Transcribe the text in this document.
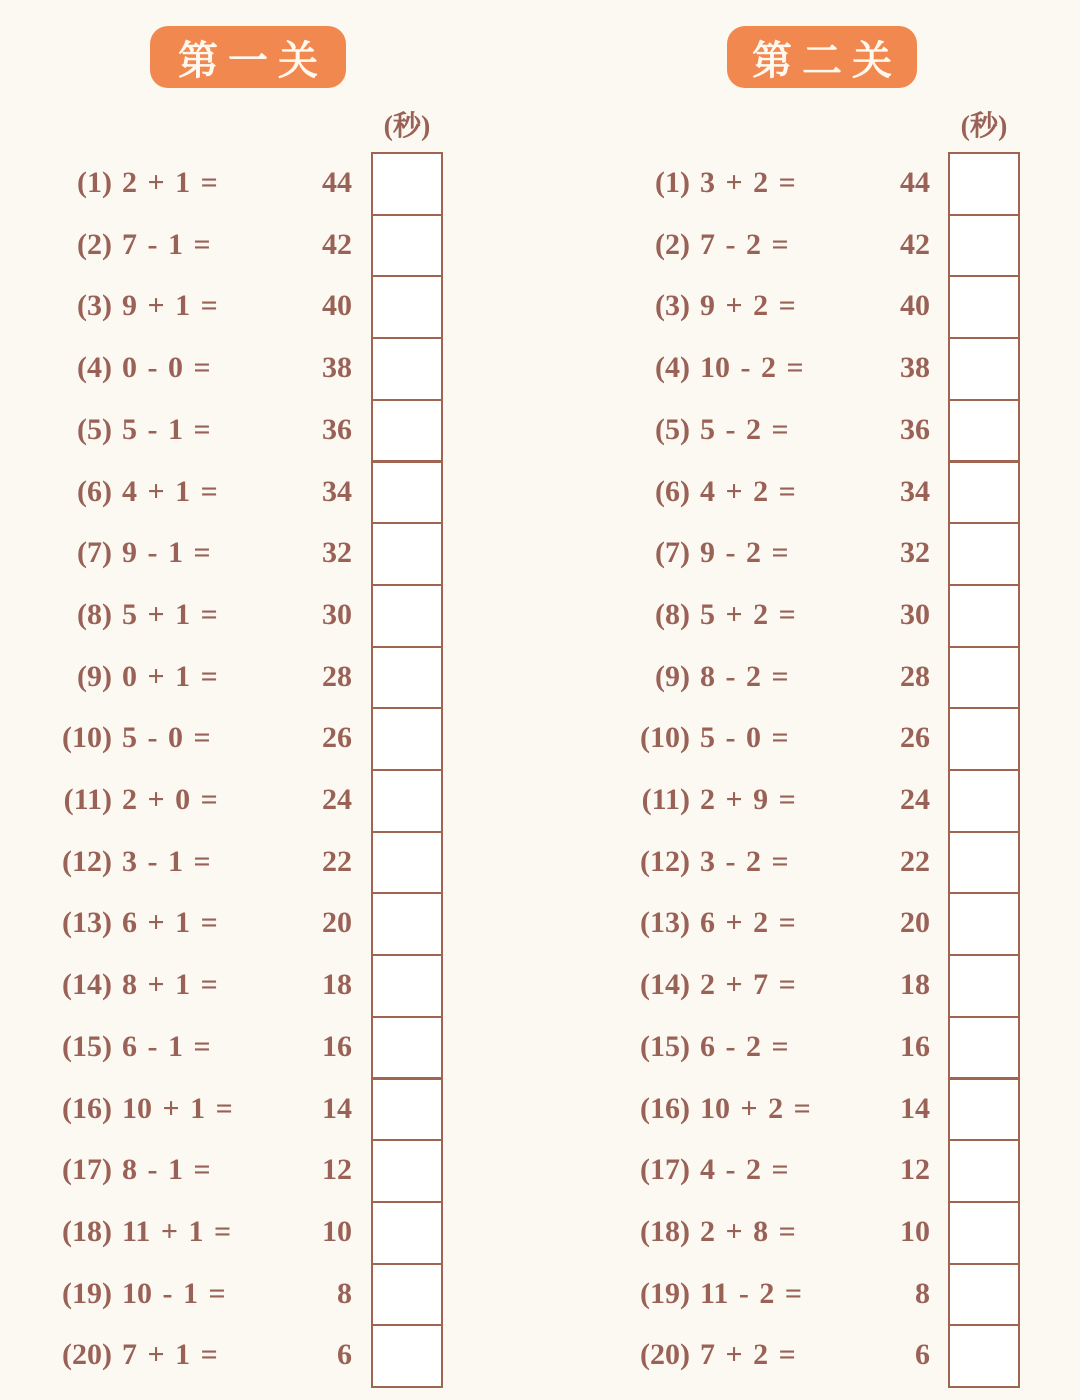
第一关
(秒)
(1) 2 + 1 =	44
(2) 7 - 1 =	42
(3) 9 + 1 =	40
(4) 0 - 0 =	38
(5) 5 - 1 =	36
(6) 4 + 1 =	34
(7) 9 - 1 =	32
(8) 5 + 1 =	30
(9) 0 + 1 =	28
(10) 5 - 0 =	26
(11) 2 + 0 =	24
(12) 3 - 1 =	22
(13) 6 + 1 =	20
(14) 8 + 1 =	18
(15) 6 - 1 =	16
(16) 10 + 1 =	14
(17) 8 - 1 =	12
(18) 11 + 1 =	10
(19) 10 - 1 =	8
(20) 7 + 1 =	6
第二关
(秒)
(1) 3 + 2 =	44
(2) 7 - 2 =	42
(3) 9 + 2 =	40
(4) 10 - 2 =	38
(5) 5 - 2 =	36
(6) 4 + 2 =	34
(7) 9 - 2 =	32
(8) 5 + 2 =	30
(9) 8 - 2 =	28
(10) 5 - 0 =	26
(11) 2 + 9 =	24
(12) 3 - 2 =	22
(13) 6 + 2 =	20
(14) 2 + 7 =	18
(15) 6 - 2 =	16
(16) 10 + 2 =	14
(17) 4 - 2 =	12
(18) 2 + 8 =	10
(19) 11 - 2 =	8
(20) 7 + 2 =	6
